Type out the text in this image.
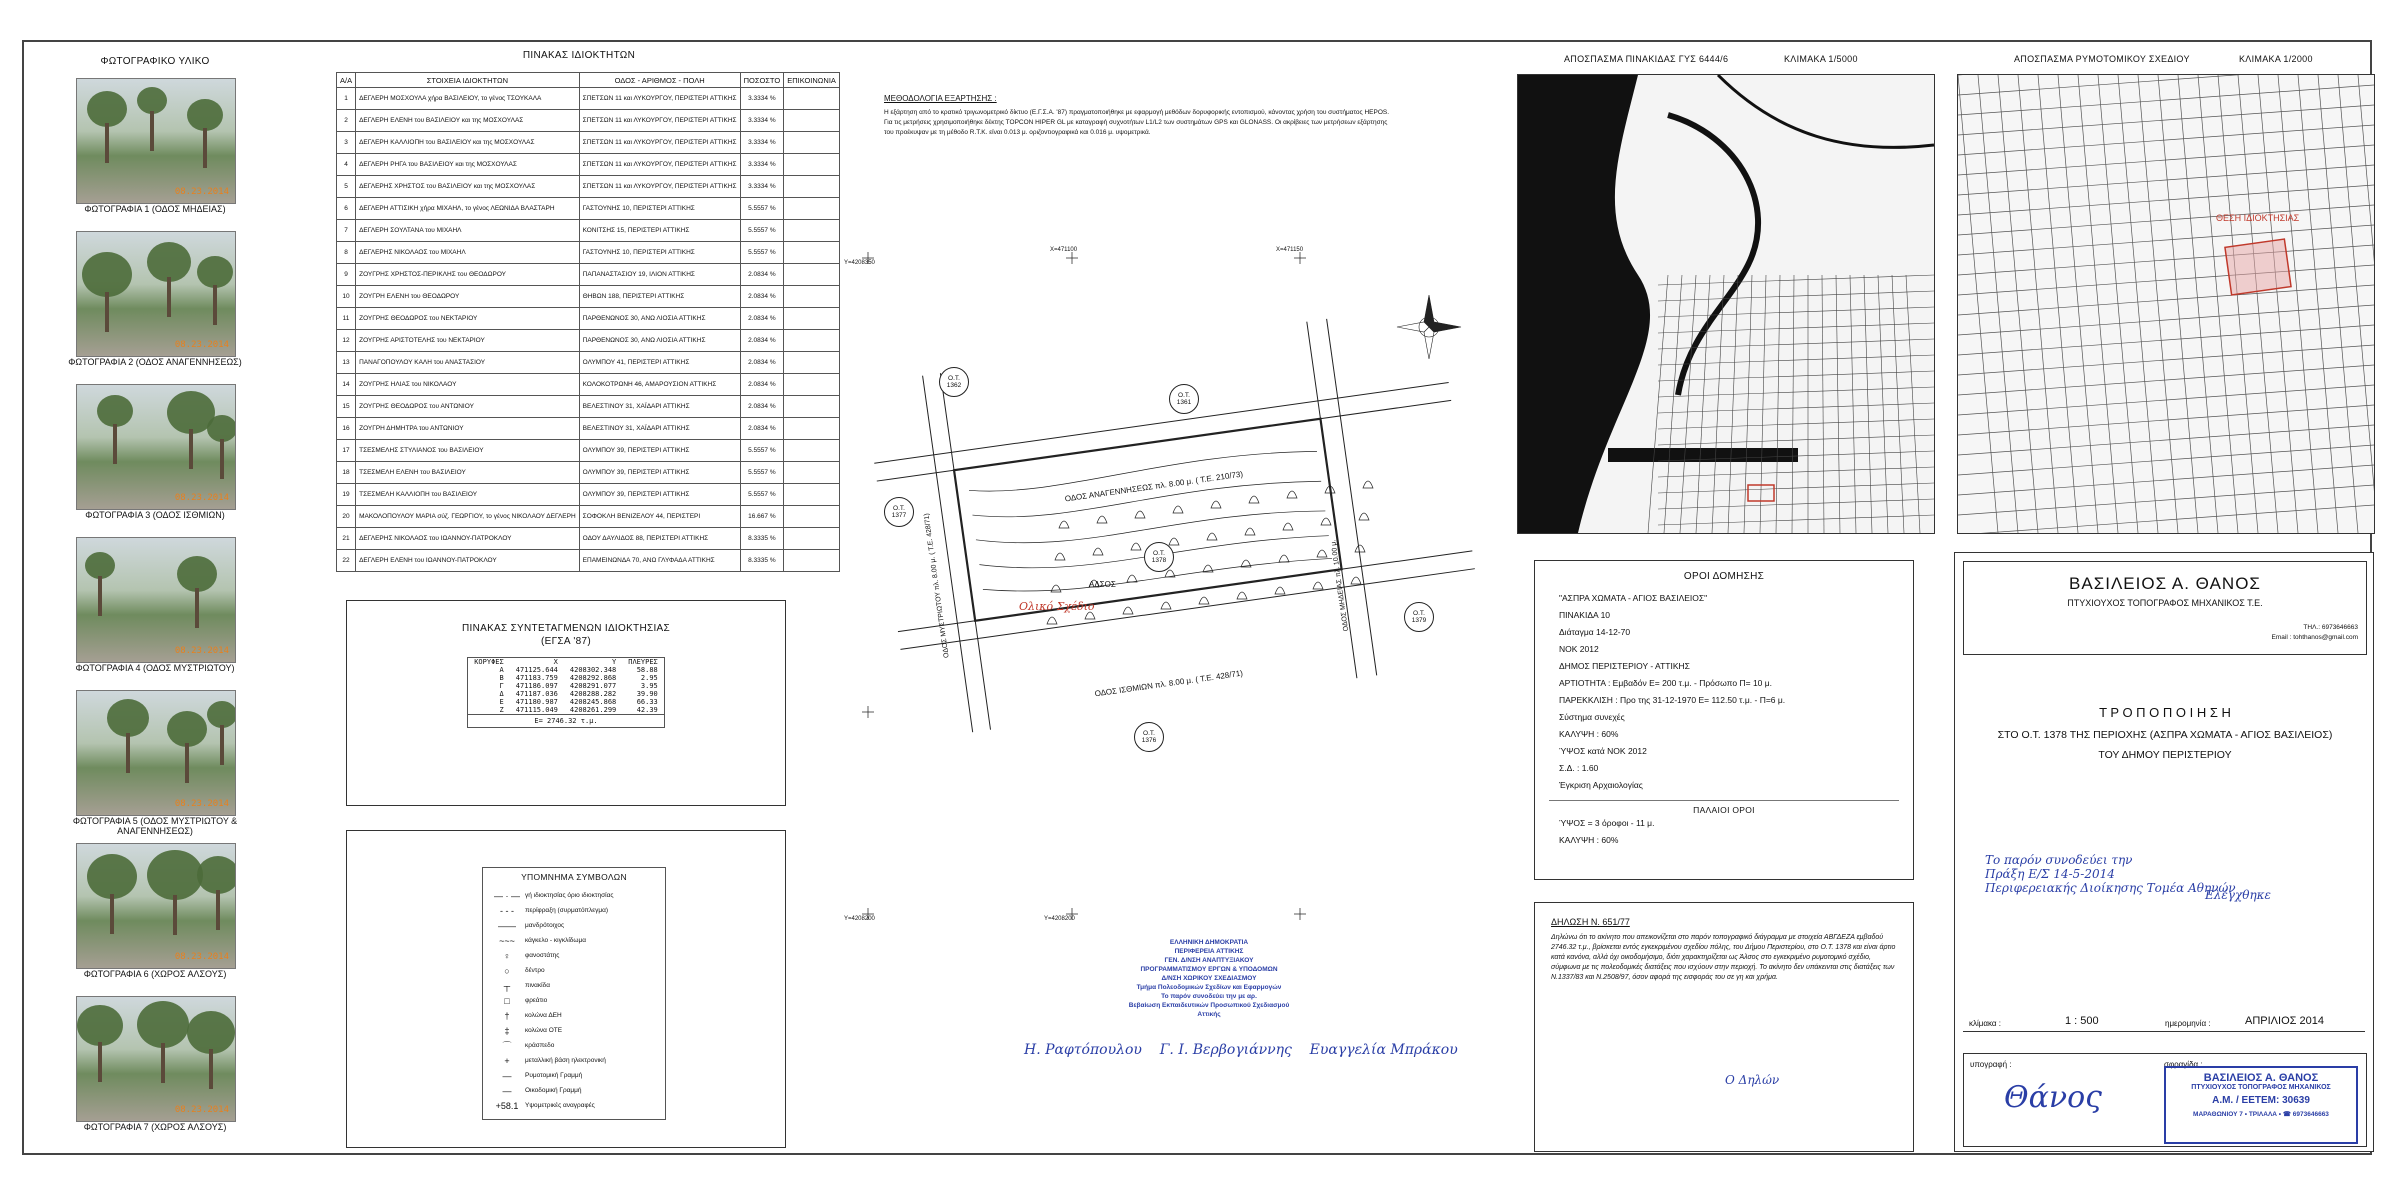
ΦΩΤΟΓΡΑΦΙΚΟ ΥΛΙΚΟ
08.23.2014
ΦΩΤΟΓΡΑΦΙΑ 1 (ΟΔΟΣ ΜΗΔΕΙΑΣ)
08.23.2014
ΦΩΤΟΓΡΑΦΙΑ 2 (ΟΔΟΣ ΑΝΑΓΕΝΝΗΣΕΩΣ)
08.23.2014
ΦΩΤΟΓΡΑΦΙΑ 3 (ΟΔΟΣ ΙΣΘΜΙΩΝ)
08.23.2014
ΦΩΤΟΓΡΑΦΙΑ 4 (ΟΔΟΣ ΜΥΣΤΡΙΩΤΟΥ)
08.23.2014
ΦΩΤΟΓΡΑΦΙΑ 5 (ΟΔΟΣ ΜΥΣΤΡΙΩΤΟΥ & ΑΝΑΓΕΝΝΗΣΕΩΣ)
08.23.2014
ΦΩΤΟΓΡΑΦΙΑ 6 (ΧΩΡΟΣ ΑΛΣΟΥΣ)
08.23.2014
ΦΩΤΟΓΡΑΦΙΑ 7 (ΧΩΡΟΣ ΑΛΣΟΥΣ)
ΠΙΝΑΚΑΣ ΙΔΙΟΚΤΗΤΩΝ
Α/Α	ΣΤΟΙΧΕΙΑ ΙΔΙΟΚΤΗΤΩΝ	ΟΔΟΣ - ΑΡΙΘΜΟΣ - ΠΟΛΗ	ΠΟΣΟΣΤΟ	ΕΠΙΚΟΙΝΩΝΙΑ
1	ΔΕΓΛΕΡΗ ΜΟΣΧΟΥΛΑ χήρα ΒΑΣΙΛΕΙΟΥ, το γένος ΤΣΟΥΚΑΛΑ	ΣΠΕΤΣΩΝ 11 και ΛΥΚΟΥΡΓΟΥ, ΠΕΡΙΣΤΕΡΙ ΑΤΤΙΚΗΣ	3.3334 %	
2	ΔΕΓΛΕΡΗ ΕΛΕΝΗ του ΒΑΣΙΛΕΙΟΥ και της ΜΟΣΧΟΥΛΑΣ	ΣΠΕΤΣΩΝ 11 και ΛΥΚΟΥΡΓΟΥ, ΠΕΡΙΣΤΕΡΙ ΑΤΤΙΚΗΣ	3.3334 %	
3	ΔΕΓΛΕΡΗ ΚΑΛΛΙΟΠΗ του ΒΑΣΙΛΕΙΟΥ και της ΜΟΣΧΟΥΛΑΣ	ΣΠΕΤΣΩΝ 11 και ΛΥΚΟΥΡΓΟΥ, ΠΕΡΙΣΤΕΡΙ ΑΤΤΙΚΗΣ	3.3334 %	
4	ΔΕΓΛΕΡΗ ΡΗΓΑ του ΒΑΣΙΛΕΙΟΥ και της ΜΟΣΧΟΥΛΑΣ	ΣΠΕΤΣΩΝ 11 και ΛΥΚΟΥΡΓΟΥ, ΠΕΡΙΣΤΕΡΙ ΑΤΤΙΚΗΣ	3.3334 %	
5	ΔΕΓΛΕΡΗΣ ΧΡΗΣΤΟΣ του ΒΑΣΙΛΕΙΟΥ και της ΜΟΣΧΟΥΛΑΣ	ΣΠΕΤΣΩΝ 11 και ΛΥΚΟΥΡΓΟΥ, ΠΕΡΙΣΤΕΡΙ ΑΤΤΙΚΗΣ	3.3334 %	
6	ΔΕΓΛΕΡΗ ΑΤΤΙΣΙΚΗ χήρα ΜΙΧΑΗΛ, το γένος ΛΕΩΝΙΔΑ ΒΛΑΣΤΑΡΗ	ΓΑΣΤΟΥΝΗΣ 10, ΠΕΡΙΣΤΕΡΙ ΑΤΤΙΚΗΣ	5.5557 %	
7	ΔΕΓΛΕΡΗ ΣΟΥΛΤΑΝΑ του ΜΙΧΑΗΛ	ΚΟΝΙΤΣΗΣ 15, ΠΕΡΙΣΤΕΡΙ ΑΤΤΙΚΗΣ	5.5557 %	
8	ΔΕΓΛΕΡΗΣ ΝΙΚΟΛΑΟΣ του ΜΙΧΑΗΛ	ΓΑΣΤΟΥΝΗΣ 10, ΠΕΡΙΣΤΕΡΙ ΑΤΤΙΚΗΣ	5.5557 %	
9	ΖΟΥΓΡΗΣ ΧΡΗΣΤΟΣ-ΠΕΡΙΚΛΗΣ του ΘΕΟΔΩΡΟΥ	ΠΑΠΑΝΑΣΤΑΣΙΟΥ 19, ΙΛΙΟΝ ΑΤΤΙΚΗΣ	2.0834 %	
10	ΖΟΥΓΡΗ ΕΛΕΝΗ του ΘΕΟΔΩΡΟΥ	ΘΗΒΩΝ 188, ΠΕΡΙΣΤΕΡΙ ΑΤΤΙΚΗΣ	2.0834 %	
11	ΖΟΥΓΡΗΣ ΘΕΟΔΩΡΟΣ του ΝΕΚΤΑΡΙΟΥ	ΠΑΡΘΕΝΩΝΟΣ 30, ΑΝΩ ΛΙΟΣΙΑ ΑΤΤΙΚΗΣ	2.0834 %	
12	ΖΟΥΓΡΗΣ ΑΡΙΣΤΟΤΕΛΗΣ του ΝΕΚΤΑΡΙΟΥ	ΠΑΡΘΕΝΩΝΟΣ 30, ΑΝΩ ΛΙΟΣΙΑ ΑΤΤΙΚΗΣ	2.0834 %	
13	ΠΑΝΑΓΟΠΟΥΛΟΥ ΚΑΛΗ του ΑΝΑΣΤΑΣΙΟΥ	ΟΛΥΜΠΟΥ 41, ΠΕΡΙΣΤΕΡΙ ΑΤΤΙΚΗΣ	2.0834 %	
14	ΖΟΥΓΡΗΣ ΗΛΙΑΣ του ΝΙΚΟΛΑΟΥ	ΚΟΛΟΚΟΤΡΩΝΗ 46, ΑΜΑΡΟΥΣΙΟΝ ΑΤΤΙΚΗΣ	2.0834 %	
15	ΖΟΥΓΡΗΣ ΘΕΟΔΩΡΟΣ του ΑΝΤΩΝΙΟΥ	ΒΕΛΕΣΤΙΝΟΥ 31, ΧΑΪΔΑΡΙ ΑΤΤΙΚΗΣ	2.0834 %	
16	ΖΟΥΓΡΗ ΔΗΜΗΤΡΑ του ΑΝΤΩΝΙΟΥ	ΒΕΛΕΣΤΙΝΟΥ 31, ΧΑΪΔΑΡΙ ΑΤΤΙΚΗΣ	2.0834 %	
17	ΤΣΕΣΜΕΛΗΣ ΣΤΥΛΙΑΝΟΣ του ΒΑΣΙΛΕΙΟΥ	ΟΛΥΜΠΟΥ 39, ΠΕΡΙΣΤΕΡΙ ΑΤΤΙΚΗΣ	5.5557 %	
18	ΤΣΕΣΜΕΛΗ ΕΛΕΝΗ του ΒΑΣΙΛΕΙΟΥ	ΟΛΥΜΠΟΥ 39, ΠΕΡΙΣΤΕΡΙ ΑΤΤΙΚΗΣ	5.5557 %	
19	ΤΣΕΣΜΕΛΗ ΚΑΛΛΙΟΠΗ του ΒΑΣΙΛΕΙΟΥ	ΟΛΥΜΠΟΥ 39, ΠΕΡΙΣΤΕΡΙ ΑΤΤΙΚΗΣ	5.5557 %	
20	ΜΑΚΟΛΟΠΟΥΛΟΥ ΜΑΡΙΑ σύζ. ΓΕΩΡΓΙΟΥ, το γένος ΝΙΚΟΛΑΟΥ ΔΕΓΛΕΡΗ	ΣΟΦΟΚΛΗ ΒΕΝΙΖΕΛΟΥ 44, ΠΕΡΙΣΤΕΡΙ	16.667 %	
21	ΔΕΓΛΕΡΗΣ ΝΙΚΟΛΑΟΣ του ΙΩΑΝΝΟΥ-ΠΑΤΡΟΚΛΟΥ	ΟΔΟΥ ΔΑΥΛΙΔΟΣ 88, ΠΕΡΙΣΤΕΡΙ ΑΤΤΙΚΗΣ	8.3335 %	
22	ΔΕΓΛΕΡΗ ΕΛΕΝΗ του ΙΩΑΝΝΟΥ-ΠΑΤΡΟΚΛΟΥ	ΕΠΑΜΕΙΝΩΝΔΑ 70, ΑΝΩ ΓΛΥΦΑΔΑ ΑΤΤΙΚΗΣ	8.3335 %	
ΠΙΝΑΚΑΣ ΣΥΝΤΕΤΑΓΜΕΝΩΝ ΙΔΙΟΚΤΗΣΙΑΣ
(ΕΓΣΑ '87)
ΚΟΡΥΦΕΣ	Χ	Υ	ΠΛΕΥΡΕΣ
Α	471125.644	4208302.348	58.88
Β	471183.759	4208292.868	2.95
Γ	471186.097	4208291.077	3.95
Δ	471187.036	4208288.282	39.90
Ε	471180.987	4208245.868	66.33
Ζ	471115.049	4208261.299	42.39
Ε= 2746.32 τ.μ.
ΥΠΟΜΝΗΜΑ ΣΥΜΒΟΛΩΝ
— · — γή ιδιοκτησίας όριο ιδιοκτησίας
- - -	περίφραξη (συρματόπλεγμα)
——	μανδρότοιχος
~~~	κάγκελο - κιγκλίδωμα
♀	φανοστάτης
○	δέντρο
┬	πινακίδα
□	φρεάτιο
†	κολώνα ΔΕΗ
‡	κολώνα ΟΤΕ
⌒	κράσπεδο
+	μεταλλική βάση ηλεκτρονική
—	Ρυμοτομική Γραμμή
—	Οικοδομική Γραμμή
+58.1	Υψομετρικές αναγραφές
ΜΕΘΟΔΟΛΟΓΙΑ ΕΞΑΡΤΗΣΗΣ :
Η εξάρτηση από το κρατικό τριγωνομετρικό δίκτυο (Ε.Γ.Σ.Α. '87) πραγματοποιήθηκε με εφαρμογή μεθόδων δορυφορικής εντοπισμού, κάνοντας χρήση του συστήματος HEPOS. Για τις μετρήσεις χρησιμοποιήθηκε δέκτης TOPCON HIPER GL με καταγραφή συχνοτήτων L1/L2 των συστημάτων GPS και GLONASS. Οι ακρίβειες των μετρήσεων εξάρτησης του προέκυψαν με τη μέθοδο R.T.K. είναι 0.013 μ. οριζοντιογραφικά και 0.016 μ. υψομετρικά.
Ολικό Σχέδιο
Ο.Τ. 1362
Ο.Τ. 1361
Ο.Τ. 1377
Ο.Τ. 1378
Ο.Τ. 1379
Ο.Τ. 1376
ΟΔΟΣ ΑΝΑΓΕΝΝΗΣΕΩΣ πλ. 8.00 μ. ( Τ.Ε. 210/73)
ΟΔΟΣ ΙΣΘΜΙΩΝ πλ. 8.00 μ. ( Τ.Ε. 428/71)
ΟΔΟΣ ΜΥΣΤΡΙΩΤΟΥ πλ. 8.00 μ. ( Τ.Ε. 428/71)	ΟΔΟΣ ΜΗΔΕΙΑΣ πλ. 10.00 μ.
ΑΛΣΟΣ
Y=4208350
Y=4208200	Y=4208200
X=471100	X=471150
ΕΛΛΗΝΙΚΗ ΔΗΜΟΚΡΑΤΙΑ
ΠΕΡΙΦΕΡΕΙΑ ΑΤΤΙΚΗΣ
ΓΕΝ. Δ/ΝΣΗ ΑΝΑΠΤΥΞΙΑΚΟΥ
ΠΡΟΓΡΑΜΜΑΤΙΣΜΟΥ ΕΡΓΩΝ & ΥΠΟΔΟΜΩΝ
Δ/ΝΣΗ ΧΩΡΙΚΟΥ ΣΧΕΔΙΑΣΜΟΥ
Τμήμα Πολεοδομικών Σχεδίων και Εφαρμογών
Το παρόν συνοδεύει την με αρ.
Βεβαίωση Εκπαιδευτικών Προσωπικού Σχεδιασμού Αττικής
Η. Ραφτόπουλου    Γ. Ι. Βερβογιάννης    Ευαγγελία Μπράκου
ΑΠΟΣΠΑΣΜΑ ΠΙΝΑΚΙΔΑΣ ΓΥΣ 6444/6	ΚΛΙΜΑΚΑ 1/5000
ΟΡΟΙ ΔΟΜΗΣΗΣ
"ΑΣΠΡΑ ΧΩΜΑΤΑ - ΑΓΙΟΣ ΒΑΣΙΛΕΙΟΣ"
ΠΙΝΑΚΙΔΑ 10
Διάταγμα 14-12-70
ΝΟΚ 2012
ΔΗΜΟΣ ΠΕΡΙΣΤΕΡΙΟΥ - ΑΤΤΙΚΗΣ
ΑΡΤΙΟΤΗΤΑ : Εμβαδόν Ε= 200 τ.μ. - Πρόσωπο Π= 10 μ.
ΠΑΡΕΚΚΛΙΣΗ : Προ της 31-12-1970 Ε= 112.50 τ.μ. - Π=6 μ.
Σύστημα συνεχές
ΚΑΛΥΨΗ : 60%
ΎΨΟΣ κατά ΝΟΚ 2012
Σ.Δ. : 1.60
Έγκριση Αρχαιολογίας
ΠΑΛΑΙΟΙ ΟΡΟΙ
ΎΨΟΣ = 3 όροφοι - 11 μ.
ΚΑΛΥΨΗ : 60%
ΔΗΛΩΣΗ Ν. 651/77
Δηλώνω ότι το ακίνητο που απεικονίζεται στο παρόν τοπογραφικό διάγραμμα με στοιχεία ΑΒΓΔΕΖΑ εμβαδού 2746.32 τ.μ., βρίσκεται εντός εγκεκριμένου σχεδίου πόλης, του Δήμου Περιστερίου, στο Ο.Τ. 1378 και είναι άρτιο κατά κανόνα, αλλά όχι οικοδομήσιμο, διότι χαρακτηρίζεται ως Άλσος στο εγκεκριμένο ρυμοτομικό σχέδιο, σύμφωνα με τις πολεοδομικές διατάξεις που ισχύουν στην περιοχή. Το ακίνητο δεν υπάκεινται στις διατάξεις των Ν.1337/83 και Ν.2508/97, όσον αφορά της εισφοράς του σε γη και χρήμα.
Ο Δηλών
ΑΠΟΣΠΑΣΜΑ ΡΥΜΟΤΟΜΙΚΟΥ ΣΧΕΔΙΟΥ	ΚΛΙΜΑΚΑ 1/2000
ΘΕΣΗ ΙΔΙΟΚΤΗΣΙΑΣ
ΒΑΣΙΛΕΙΟΣ Α. ΘΑΝΟΣ
ΠΤΥΧΙΟΥΧΟΣ ΤΟΠΟΓΡΑΦΟΣ ΜΗΧΑΝΙΚΟΣ Τ.Ε.
ΤΗΛ.: 6973646663
Email : tohthanos@gmail.com
Τ Ρ Ο Π Ο Π Ο Ι Η Σ Η
ΣΤΟ Ο.Τ. 1378 ΤΗΣ ΠΕΡΙΟΧΗΣ (ΑΣΠΡΑ ΧΩΜΑΤΑ - ΑΓΙΟΣ ΒΑΣΙΛΕΙΟΣ)
ΤΟΥ ΔΗΜΟΥ ΠΕΡΙΣΤΕΡΙΟΥ
Το παρόν συνοδεύει την
Πράξη Ε/Σ 14-5-2014
Περιφερειακής Διοίκησης Τομέα Αθηνών
Ελέγχθηκε
κλίμακα :	1 : 500	ημερομηνία :	ΑΠΡΙΛΙΟΣ 2014
υπογραφή :	σφραγίδα :
Θάνος
ΒΑΣΙΛΕΙΟΣ Α. ΘΑΝΟΣ
ΠΤΥΧΙΟΥΧΟΣ ΤΟΠΟΓΡΑΦΟΣ ΜΗΧΑΝΙΚΟΣ
Α.Μ. / ΕΕΤΕΜ: 30639
ΜΑΡΑΘΩΝΙΟΥ 7 • ΤΡΙΛΑΛΑ • ☎ 6973646663
